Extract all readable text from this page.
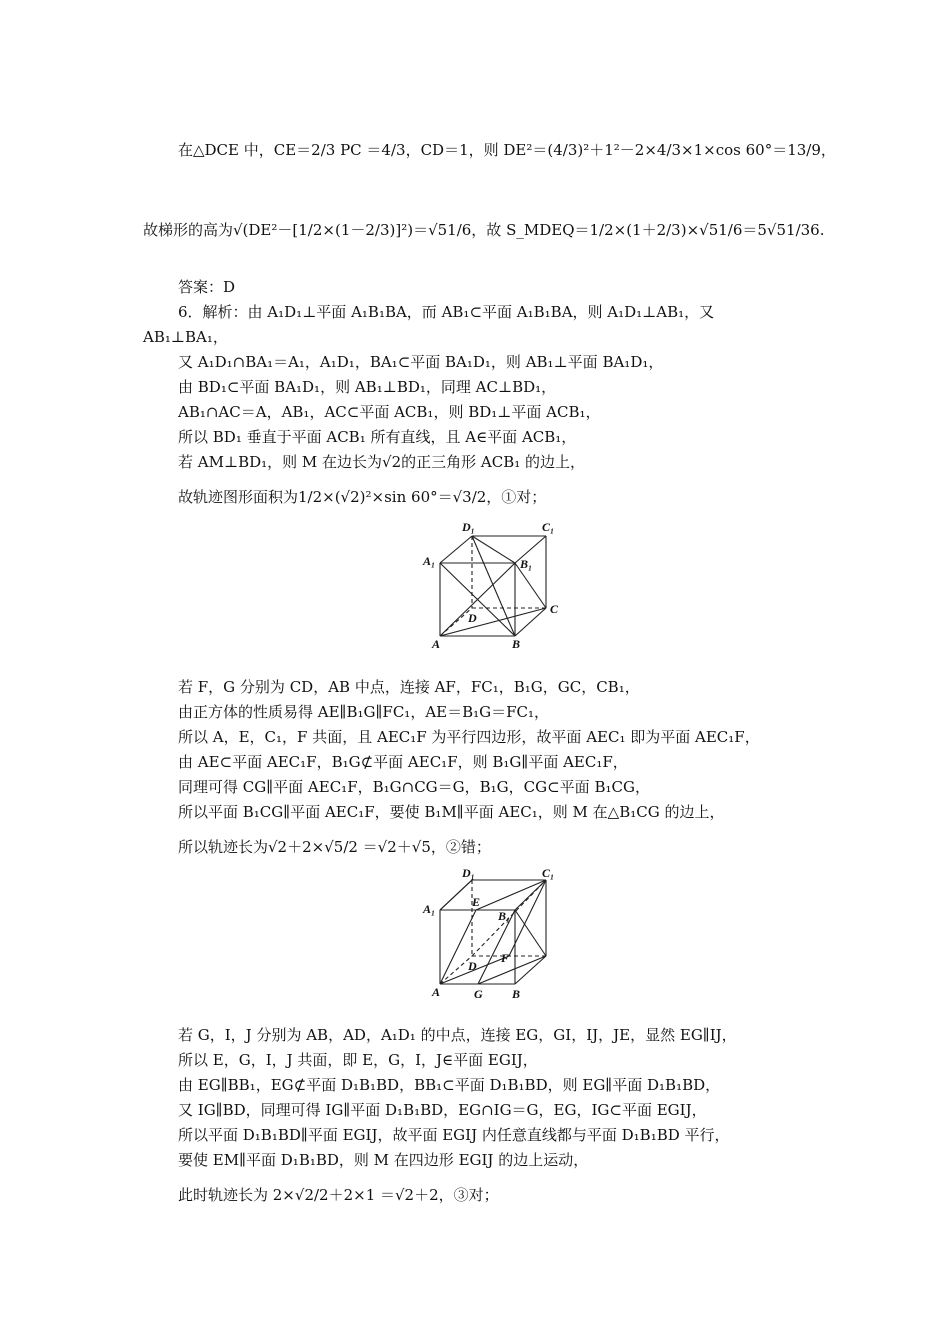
在△DCE 中，CE＝2/3 PC ＝4/3，CD＝1，则 DE²＝(4/3)²＋1²－2×4/3×1×cos 60°＝13/9，
故梯形的高为√(DE²－[1/2×(1－2/3)]²)＝√51/6，故 S_MDEQ＝1/2×(1＋2/3)×√51/6＝5√51/36.
答案：D
6．解析：由 A₁D₁⊥平面 A₁B₁BA，而 AB₁⊂平面 A₁B₁BA，则 A₁D₁⊥AB₁，又
AB₁⊥BA₁，
又 A₁D₁∩BA₁＝A₁，A₁D₁，BA₁⊂平面 BA₁D₁，则 AB₁⊥平面 BA₁D₁，
由 BD₁⊂平面 BA₁D₁，则 AB₁⊥BD₁，同理 AC⊥BD₁，
AB₁∩AC＝A，AB₁，AC⊂平面 ACB₁，则 BD₁⊥平面 ACB₁，
所以 BD₁ 垂直于平面 ACB₁ 所有直线，且 A∈平面 ACB₁，
若 AM⊥BD₁，则 M 在边长为√2的正三角形 ACB₁ 的边上，
故轨迹图形面积为1/2×(√2)²×sin 60°＝√3/2，①对；
D₁	C₁
A₁	B₁
C
D
A	B
若 F，G 分别为 CD，AB 中点，连接 AF，FC₁，B₁G，GC，CB₁，
由正方体的性质易得 AE∥B₁G∥FC₁，AE＝B₁G＝FC₁，
所以 A，E，C₁，F 共面，且 AEC₁F 为平行四边形，故平面 AEC₁ 即为平面 AEC₁F，
由 AE⊂平面 AEC₁F，B₁G⊄平面 AEC₁F，则 B₁G∥平面 AEC₁F，
同理可得 CG∥平面 AEC₁F，B₁G∩CG＝G，B₁G，CG⊂平面 B₁CG，
所以平面 B₁CG∥平面 AEC₁F，要使 B₁M∥平面 AEC₁，则 M 在△B₁CG 的边上，
所以轨迹长为√2＋2×√5/2 ＝√2＋√5，②错；
D₁	C₁
A₁	E
B₁
F
D
A	G B
若 G，I，J 分别为 AB，AD，A₁D₁ 的中点，连接 EG，GI，IJ，JE，显然 EG∥IJ，
所以 E，G，I，J 共面，即 E，G，I，J∈平面 EGIJ，
由 EG∥BB₁，EG⊄平面 D₁B₁BD，BB₁⊂平面 D₁B₁BD，则 EG∥平面 D₁B₁BD，
又 IG∥BD，同理可得 IG∥平面 D₁B₁BD，EG∩IG＝G，EG，IG⊂平面 EGIJ，
所以平面 D₁B₁BD∥平面 EGIJ，故平面 EGIJ 内任意直线都与平面 D₁B₁BD 平行，
要使 EM∥平面 D₁B₁BD，则 M 在四边形 EGIJ 的边上运动，
此时轨迹长为 2×√2/2＋2×1 ＝√2＋2，③对；
